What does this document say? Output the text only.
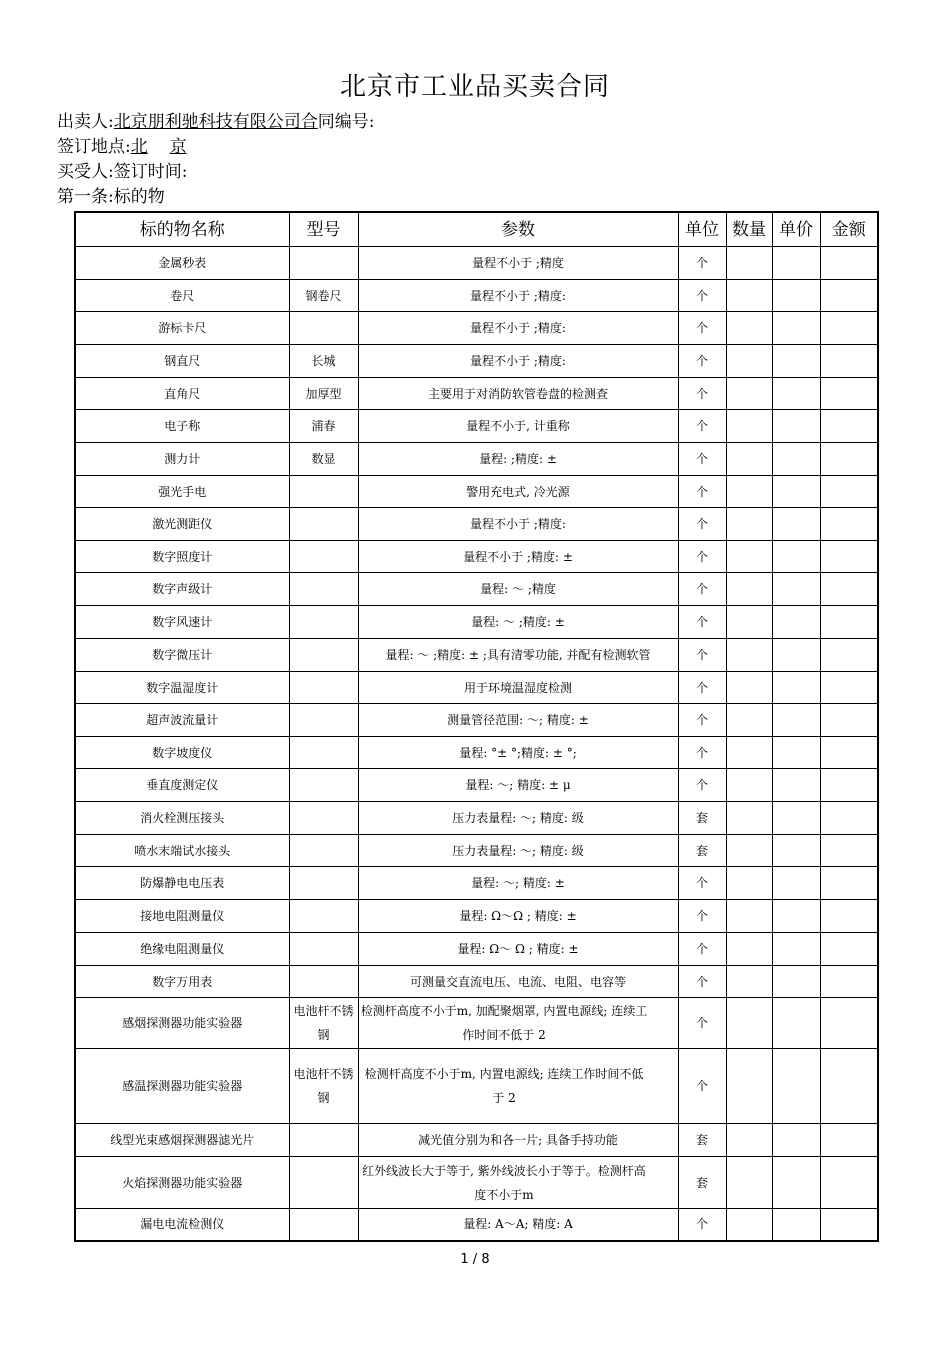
北京市工业品买卖合同
出卖人:北京朋利驰科技有限公司合同编号:
签订地点:北 京
买受人:签订时间:
第一条:标的物
标的物名称	型号	参数	单位	数量	单价	金额
金属秒表		量程不小于 ;精度	个			
卷尺	钢卷尺	量程不小于 ;精度:	个			
游标卡尺		量程不小于 ;精度:	个			
钢直尺	长城	量程不小于 ;精度:	个			
直角尺	加厚型	主要用于对消防软管卷盘的检测查	个			
电子称	浦春	量程不小于, 计重称	个			
测力计	数显	量程: ;精度: ±	个			
强光手电		警用充电式, 冷光源	个			
激光测距仪		量程不小于 ;精度:	个			
数字照度计		量程不小于 ;精度: ±	个			
数字声级计		量程: ～ ;精度	个			
数字风速计		量程: ～ ;精度: ±	个			
数字微压计		量程: ～ ;精度: ± ;具有清零功能, 并配有检测软管	个			
数字温湿度计		用于环境温湿度检测	个			
超声波流量计		测量管径范围: ～; 精度: ±	个			
数字坡度仪		量程: °± °;精度: ± °;	个			
垂直度测定仪		量程: ～; 精度: ± μ	个			
消火栓测压接头		压力表量程: ～; 精度: 级	套			
喷水末端试水接头		压力表量程: ～; 精度: 级	套			
防爆静电电压表		量程: ～; 精度: ±	个			
接地电阻测量仪		量程: Ω～Ω ; 精度: ±	个			
绝缘电阻测量仪		量程: Ω～ Ω ; 精度: ±	个			
数字万用表		可测量交直流电压、电流、电阻、电容等	个			
感烟探测器功能实验器	电池杆不锈钢	检测杆高度不小于m, 加配聚烟罩, 内置电源线; 连续工作时间不低于 2	个			
感温探测器功能实验器	电池杆不锈钢	检测杆高度不小于m, 内置电源线; 连续工作时间不低于 2	个			
线型光束感烟探测器滤光片		减光值分别为和各一片; 具备手持功能	套			
火焰探测器功能实验器		红外线波长大于等于, 紫外线波长小于等于。检测杆高度不小于m	套			
漏电电流检测仪		量程: A～A; 精度: A	个			
1 / 8
